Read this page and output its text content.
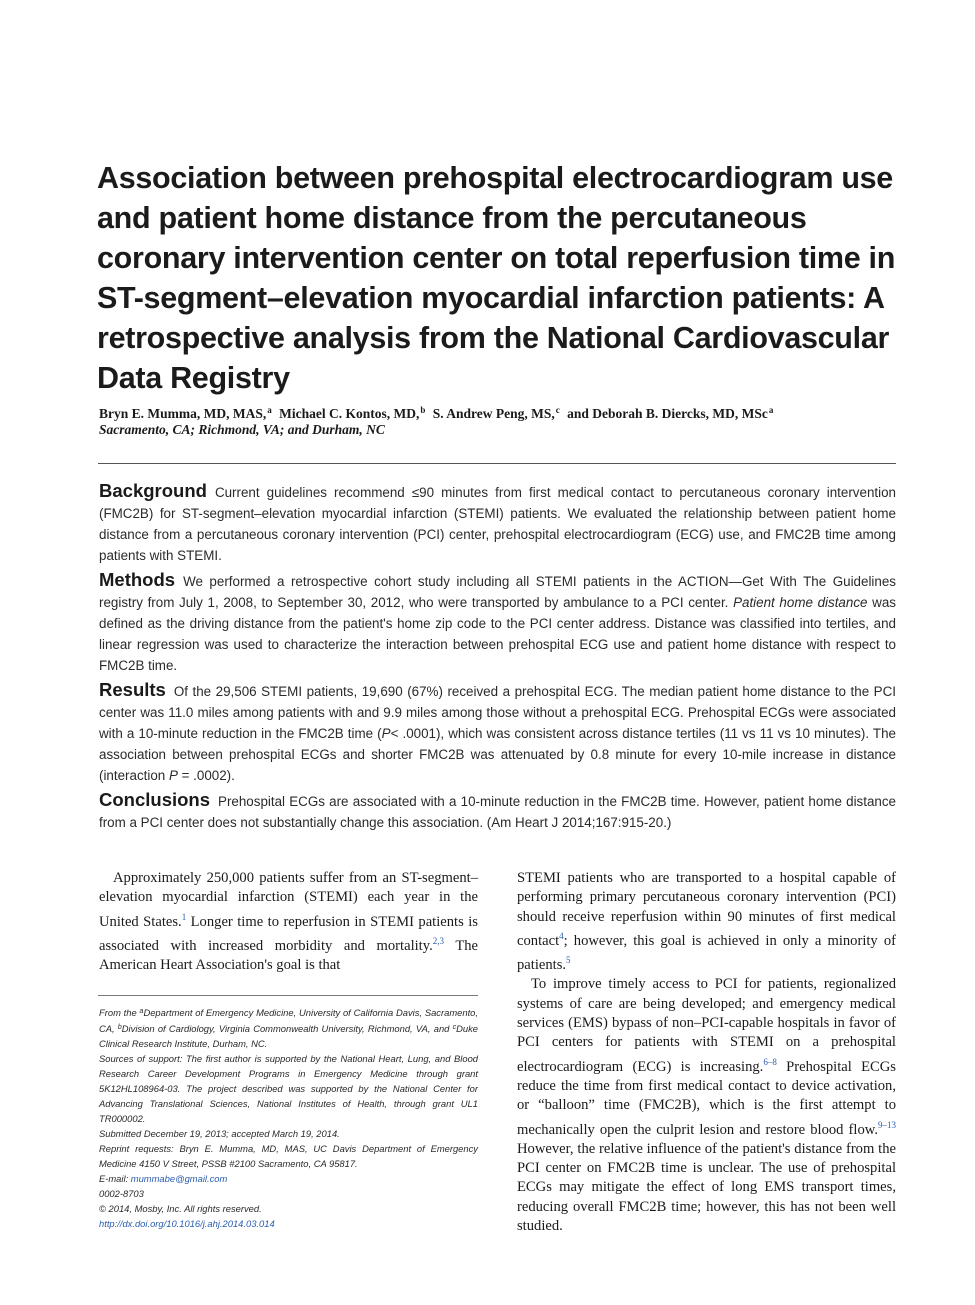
Association between prehospital electrocardiogram use and patient home distance from the percutaneous coronary intervention center on total reperfusion time in ST-segment–elevation myocardial infarction patients: A retrospective analysis from the National Cardiovascular Data Registry
Bryn E. Mumma, MD, MAS,$^a$ Michael C. Kontos, MD,$^b$ S. Andrew Peng, MS,$^c$ and Deborah B. Diercks, MD, MSc$^a$
Sacramento, CA; Richmond, VA; and Durham, NC

Background Current guidelines recommend ≤90 minutes from first medical contact to percutaneous coronary intervention (FMC2B) for ST-segment–elevation myocardial infarction (STEMI) patients. We evaluated the relationship between patient home distance from a percutaneous coronary intervention (PCI) center, prehospital electrocardiogram (ECG) use, and FMC2B time among patients with STEMI.

Methods We performed a retrospective cohort study including all STEMI patients in the ACTION—Get With The Guidelines registry from July 1, 2008, to September 30, 2012, who were transported by ambulance to a PCI center. Patient home distance was defined as the driving distance from the patient's home zip code to the PCI center address. Distance was classified into tertiles, and linear regression was used to characterize the interaction between prehospital ECG use and patient home distance with respect to FMC2B time.

Results Of the 29,506 STEMI patients, 19,690 (67%) received a prehospital ECG. The median patient home distance to the PCI center was 11.0 miles among patients with and 9.9 miles among those without a prehospital ECG. Prehospital ECGs were associated with a 10-minute reduction in the FMC2B time (P< .0001), which was consistent across distance tertiles (11 vs 11 vs 10 minutes). The association between prehospital ECGs and shorter FMC2B was attenuated by 0.8 minute for every 10-mile increase in distance (interaction P = .0002).

Conclusions Prehospital ECGs are associated with a 10-minute reduction in the FMC2B time. However, patient home distance from a PCI center does not substantially change this association. (Am Heart J 2014;167:915-20.)

Approximately 250,000 patients suffer from an ST-segment–elevation myocardial infarction (STEMI) each year in the United States.$^1$ Longer time to reperfusion in STEMI patients is associated with increased morbidity and mortality.$^{2,3}$ The American Heart Association's goal is that

From the $^a$Department of Emergency Medicine, University of California Davis, Sacramento, CA, $^b$Division of Cardiology, Virginia Commonwealth University, Richmond, VA, and $^c$Duke Clinical Research Institute, Durham, NC.
Sources of support: The first author is supported by the National Heart, Lung, and Blood Research Career Development Programs in Emergency Medicine through grant 5K12HL108964-03. The project described was supported by the National Center for Advancing Translational Sciences, National Institutes of Health, through grant UL1 TR000002.
Submitted December 19, 2013; accepted March 19, 2014.
Reprint requests: Bryn E. Mumma, MD, MAS, UC Davis Department of Emergency Medicine 4150 V Street, PSSB #2100 Sacramento, CA 95817.
E-mail: mummabe@gmail.com
0002-8703
© 2014, Mosby, Inc. All rights reserved.
http://dx.doi.org/10.1016/j.ahj.2014.03.014

STEMI patients who are transported to a hospital capable of performing primary percutaneous coronary intervention (PCI) should receive reperfusion within 90 minutes of first medical contact$^4$; however, this goal is achieved in only a minority of patients.$^5$

To improve timely access to PCI for patients, regionalized systems of care are being developed; and emergency medical services (EMS) bypass of non–PCI-capable hospitals in favor of PCI centers for patients with STEMI on a prehospital electrocardiogram (ECG) is increasing.$^{6-8}$ Prehospital ECGs reduce the time from first medical contact to device activation, or “balloon” time (FMC2B), which is the first attempt to mechanically open the culprit lesion and restore blood flow.$^{9-13}$ However, the relative influence of the patient's distance from the PCI center on FMC2B time is unclear. The use of prehospital ECGs may mitigate the effect of long EMS transport times, reducing overall FMC2B time; however, this has not been well studied.
